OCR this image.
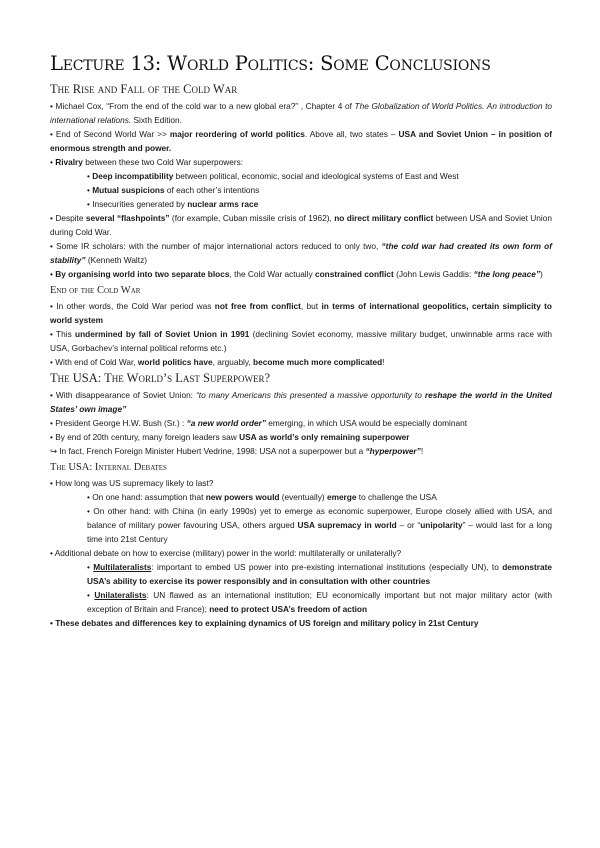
Lecture 13: World Politics: Some Conclusions
The Rise and Fall of the Cold War

• Michael Cox, “From the end of the cold war to a new global era?” , Chapter 4 of The Globalization of World Politics. An introduction to international relations. Sixth Edition.

• End of Second World War >> major reordering of world politics. Above all, two states – USA and Soviet Union – in position of enormous strength and power.

• Rivalry between these two Cold War superpowers:

• Deep incompatibility between political, economic, social and ideological systems of East and West

• Mutual suspicions of each other’s intentions

• Insecurities generated by nuclear arms race

• Despite several “flashpoints” (for example, Cuban missile crisis of 1962), no direct military conflict between USA and Soviet Union during Cold War.

• Some IR scholars: with the number of major international actors reduced to only two, “the cold war had created its own form of stability” (Kenneth Waltz)

• By organising world into two separate blocs, the Cold War actually constrained conflict (John Lewis Gaddis: “the long peace”)

End of the Cold War

• In other words, the Cold War period was not free from conflict, but in terms of international geopolitics, certain simplicity to world system

• This undermined by fall of Soviet Union in 1991 (declining Soviet economy, massive military budget, unwinnable arms race with USA, Gorbachev’s internal political reforms etc.)

• With end of Cold War, world politics have, arguably, become much more complicated!

The USA: The World’s Last Superpower?

• With disappearance of Soviet Union: “to many Americans this presented a massive opportunity to reshape the world in the United States’ own image”

• President George H.W. Bush (Sr.) : “a new world order” emerging, in which USA would be especially dominant

• By end of 20th century, many foreign leaders saw USA as world’s only remaining superpower

↪ In fact, French Foreign Minister Hubert Vedrine, 1998: USA not a superpower but a “hyperpower”!

The USA: Internal Debates

• How long was US supremacy likely to last?

• On one hand: assumption that new powers would (eventually) emerge to challenge the USA

• On other hand: with China (in early 1990s) yet to emerge as economic superpower, Europe closely allied with USA, and balance of military power favouring USA, others argued USA supremacy in world – or “unipolarity” – would last for a long time into 21st Century

• Additional debate on how to exercise (military) power in the world: multilaterally or unilaterally?

• Multilateralists: important to embed US power into pre-existing international institutions (especially UN), to demonstrate USA’s ability to exercise its power responsibly and in consultation with other countries

• Unilateralists: UN flawed as an international institution; EU economically important but not major military actor (with exception of Britain and France); need to protect USA’s freedom of action

• These debates and differences key to explaining dynamics of US foreign and military policy in 21st Century
